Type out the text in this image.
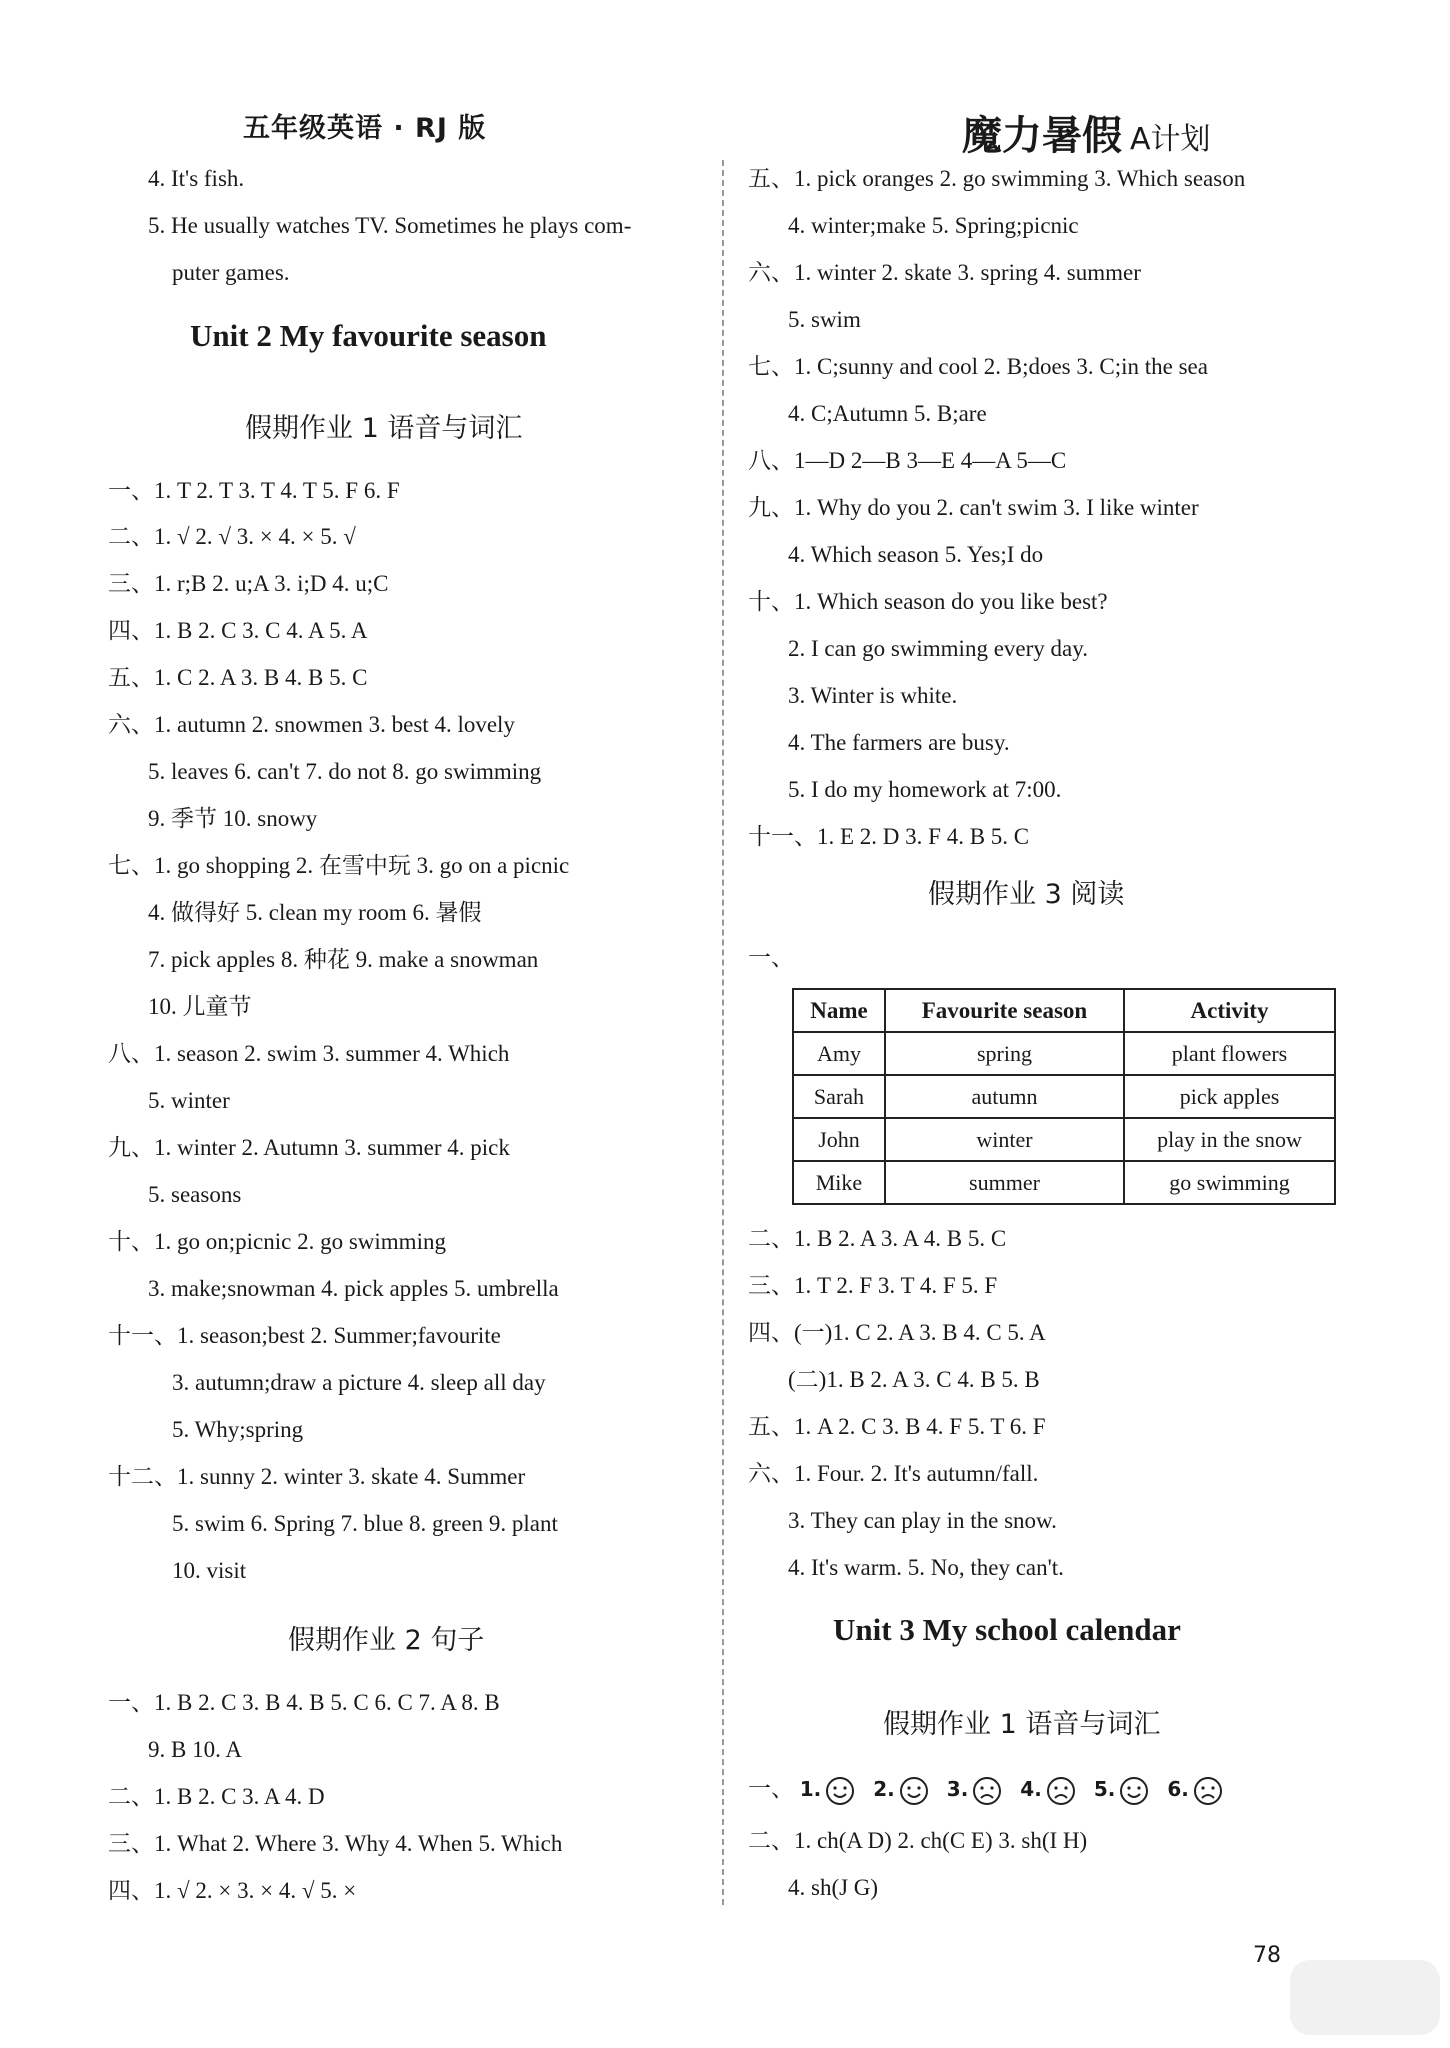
五年级英语 · RJ 版	魔力暑假 A计划
4. It's fish.
5. He usually watches TV. Sometimes he plays com-
puter games.
Unit 2 My favourite season
假期作业 1 语音与词汇
一、1. T 2. T 3. T 4. T 5. F 6. F
二、1. √ 2. √ 3. × 4. × 5. √
三、1. r;B 2. u;A 3. i;D 4. u;C
四、1. B 2. C 3. C 4. A 5. A
五、1. C 2. A 3. B 4. B 5. C
六、1. autumn 2. snowmen 3. best 4. lovely
5. leaves 6. can't 7. do not 8. go swimming
9. 季节 10. snowy
七、1. go shopping 2. 在雪中玩 3. go on a picnic
4. 做得好 5. clean my room 6. 暑假
7. pick apples 8. 种花 9. make a snowman
10. 儿童节
八、1. season 2. swim 3. summer 4. Which
5. winter
九、1. winter 2. Autumn 3. summer 4. pick
5. seasons
十、1. go on;picnic 2. go swimming
3. make;snowman 4. pick apples 5. umbrella
十一、1. season;best 2. Summer;favourite
3. autumn;draw a picture 4. sleep all day
5. Why;spring
十二、1. sunny 2. winter 3. skate 4. Summer
5. swim 6. Spring 7. blue 8. green 9. plant
10. visit
假期作业 2 句子
一、1. B 2. C 3. B 4. B 5. C 6. C 7. A 8. B
9. B 10. A
二、1. B 2. C 3. A 4. D
三、1. What 2. Where 3. Why 4. When 5. Which
四、1. √ 2. × 3. × 4. √ 5. ×
五、1. pick oranges 2. go swimming 3. Which season
4. winter;make 5. Spring;picnic
六、1. winter 2. skate 3. spring 4. summer
5. swim
七、1. C;sunny and cool 2. B;does 3. C;in the sea
4. C;Autumn 5. B;are
八、1—D 2—B 3—E 4—A 5—C
九、1. Why do you 2. can't swim 3. I like winter
4. Which season 5. Yes;I do
十、1. Which season do you like best?
2. I can go swimming every day.
3. Winter is white.
4. The farmers are busy.
5. I do my homework at 7:00.
十一、1. E 2. D 3. F 4. B 5. C
假期作业 3 阅读
一、
二、1. B 2. A 3. A 4. B 5. C
三、1. T 2. F 3. T 4. F 5. F
四、(一)1. C 2. A 3. B 4. C 5. A
(二)1. B 2. A 3. C 4. B 5. B
五、1. A 2. C 3. B 4. F 5. T 6. F
六、1. Four. 2. It's autumn/fall.
3. They can play in the snow.
4. It's warm. 5. No, they can't.
Unit 3 My school calendar
假期作业 1 语音与词汇
一、 1.	2.	3.	4.	5.	6.
二、1. ch(A D) 2. ch(C E) 3. sh(I H)
4. sh(J G)
Name	Favourite season	Activity
Amy	spring	plant flowers
Sarah	autumn	pick apples
John	winter	play in the snow
Mike	summer	go swimming
78
